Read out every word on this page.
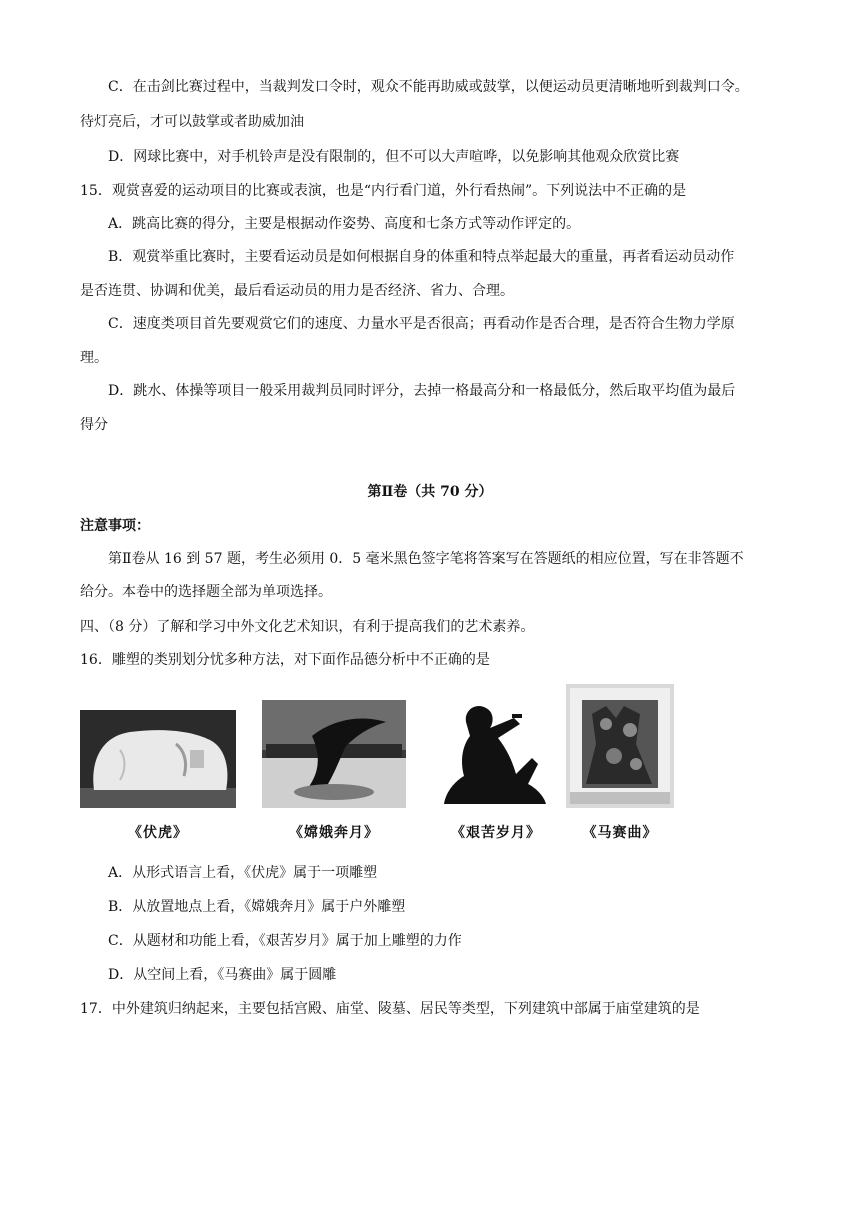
C．在击剑比赛过程中，当裁判发口令时，观众不能再助威或鼓掌，以便运动员更清晰地听到裁判口令。
待灯亮后，才可以鼓掌或者助威加油
D．网球比赛中，对手机铃声是没有限制的，但不可以大声喧哗，以免影响其他观众欣赏比赛
15．观赏喜爱的运动项目的比赛或表演，也是“内行看门道，外行看热闹”。下列说法中不正确的是
A．跳高比赛的得分，主要是根据动作姿势、高度和七条方式等动作评定的。
B．观赏举重比赛时，主要看运动员是如何根据自身的体重和特点举起最大的重量，再者看运动员动作
是否连贯、协调和优美，最后看运动员的用力是否经济、省力、合理。
C．速度类项目首先要观赏它们的速度、力量水平是否很高；再看动作是否合理，是否符合生物力学原
理。
D．跳水、体操等项目一般采用裁判员同时评分，去掉一格最高分和一格最低分，然后取平均值为最后
得分
第Ⅱ卷（共 70 分）
注意事项：
第Ⅱ卷从 16 到 57 题，考生必须用 0．5 毫米黑色签字笔将答案写在答题纸的相应位置，写在非答题不
给分。本卷中的选择题全部为单项选择。
四、（8 分）了解和学习中外文化艺术知识，有利于提高我们的艺术素养。
16．雕塑的类别划分忧多种方法，对下面作品德分析中不正确的是
《伏虎》	《嫦娥奔月》	《艰苦岁月》	《马赛曲》
A．从形式语言上看，《伏虎》属于一项雕塑
B．从放置地点上看，《嫦娥奔月》属于户外雕塑
C．从题材和功能上看，《艰苦岁月》属于加上雕塑的力作
D．从空间上看，《马赛曲》属于圆雕
17．中外建筑归纳起来，主要包括宫殿、庙堂、陵墓、居民等类型，下列建筑中部属于庙堂建筑的是
